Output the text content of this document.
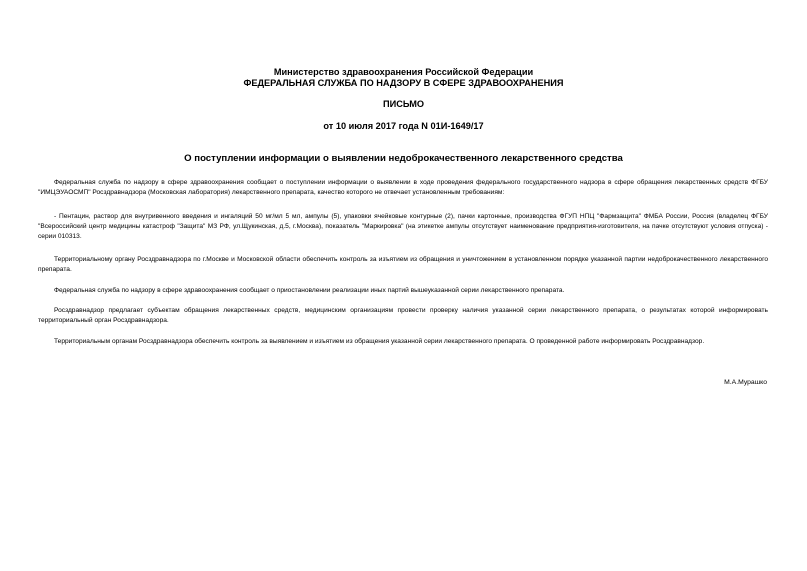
Министерство здравоохранения Российской Федерации
ФЕДЕРАЛЬНАЯ СЛУЖБА ПО НАДЗОРУ В СФЕРЕ ЗДРАВООХРАНЕНИЯ
ПИСЬМО
от 10 июля 2017 года N 01И-1649/17
О поступлении информации о выявлении недоброкачественного лекарственного средства

Федеральная служба по надзору в сфере здравоохранения сообщает о поступлении информации о выявлении в ходе проведения федерального государственного надзора в сфере обращения лекарственных средств ФГБУ "ИМЦЭУАОСМП" Росздравнадзора (Московская лаборатория) лекарственного препарата, качество которого не отвечает установленным требованиям:

- Пентацин, раствор для внутривенного введения и ингаляций 50 мг/мл 5 мл, ампулы (5), упаковки ячейковые контурные (2), пачки картонные, производства ФГУП НПЦ "Фармзащита" ФМБА России, Россия (владелец ФГБУ "Всероссийский центр медицины катастроф "Защита" МЗ РФ, ул.Щукинская, д.5, г.Москва), показатель "Маркировка" (на этикетке ампулы отсутствует наименование предприятия-изготовителя, на пачке отсутствуют условия отпуска) - серии 010313.

Территориальному органу Росздравнадзора по г.Москве и Московской области обеспечить контроль за изъятием из обращения и уничтожением в установленном порядке указанной партии недоброкачественного лекарственного препарата.

Федеральная служба по надзору в сфере здравоохранения сообщает о приостановлении реализации иных партий вышеуказанной серии лекарственного препарата.

Росздравнадзор предлагает субъектам обращения лекарственных средств, медицинским организациям провести проверку наличия указанной серии лекарственного препарата, о результатах которой информировать территориальный орган Росздравнадзора.

Территориальным органам Росздравнадзора обеспечить контроль за выявлением и изъятием из обращения указанной серии лекарственного препарата. О проведенной работе информировать Росздравнадзор.

М.А.Мурашко
